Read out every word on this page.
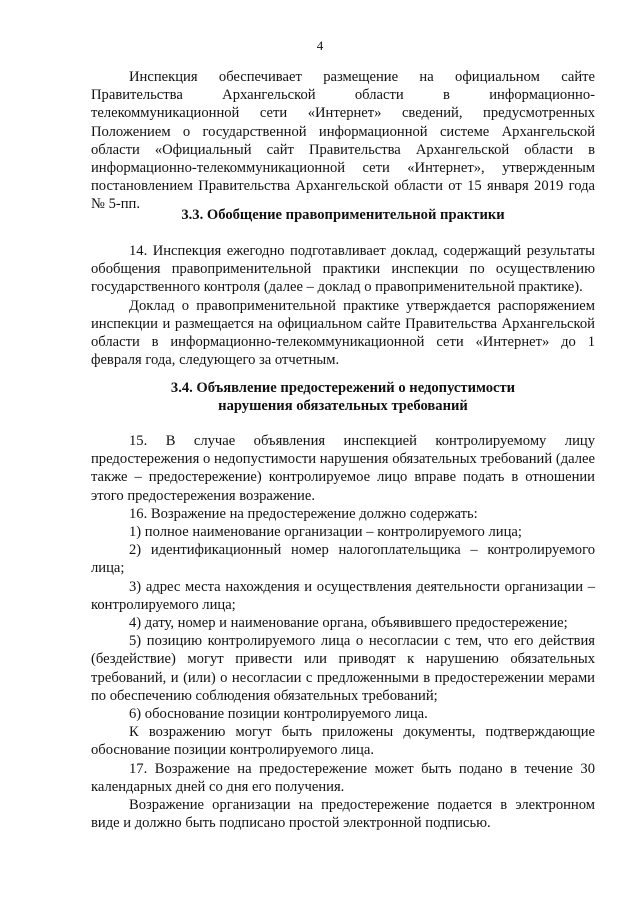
4

Инспекция обеспечивает размещение на официальном сайте Правительства Архангельской области в информационно-телекоммуникационной сети «Интернет» сведений, предусмотренных Положением о государственной информационной системе Архангельской области «Официальный сайт Правительства Архангельской области в информационно-телекоммуникационной сети «Интернет», утвержденным постановлением Правительства Архангельской области от 15 января 2019 года № 5-пп.

3.3. Обобщение правоприменительной практики

14. Инспекция ежегодно подготавливает доклад, содержащий результаты обобщения правоприменительной практики инспекции по осуществлению государственного контроля (далее – доклад о правоприменительной практике).

Доклад о правоприменительной практике утверждается распоряжением инспекции и размещается на официальном сайте Правительства Архангельской области в информационно-телекоммуникационной сети «Интернет» до 1 февраля года, следующего за отчетным.

3.4. Объявление предостережений о недопустимости
нарушения обязательных требований

15. В случае объявления инспекцией контролируемому лицу предостережения о недопустимости нарушения обязательных требований (далее также – предостережение) контролируемое лицо вправе подать в отношении этого предостережения возражение.

16. Возражение на предостережение должно содержать:

1) полное наименование организации – контролируемого лица;

2) идентификационный номер налогоплательщика – контролируемого лица;

3) адрес места нахождения и осуществления деятельности организации – контролируемого лица;

4) дату, номер и наименование органа, объявившего предостережение;

5) позицию контролируемого лица о несогласии с тем, что его действия (бездействие) могут привести или приводят к нарушению обязательных требований, и (или) о несогласии с предложенными в предостережении мерами по обеспечению соблюдения обязательных требований;

6) обоснование позиции контролируемого лица.

К возражению могут быть приложены документы, подтверждающие обоснование позиции контролируемого лица.

17. Возражение на предостережение может быть подано в течение 30 календарных дней со дня его получения.

Возражение организации на предостережение подается в электронном виде и должно быть подписано простой электронной подписью.
